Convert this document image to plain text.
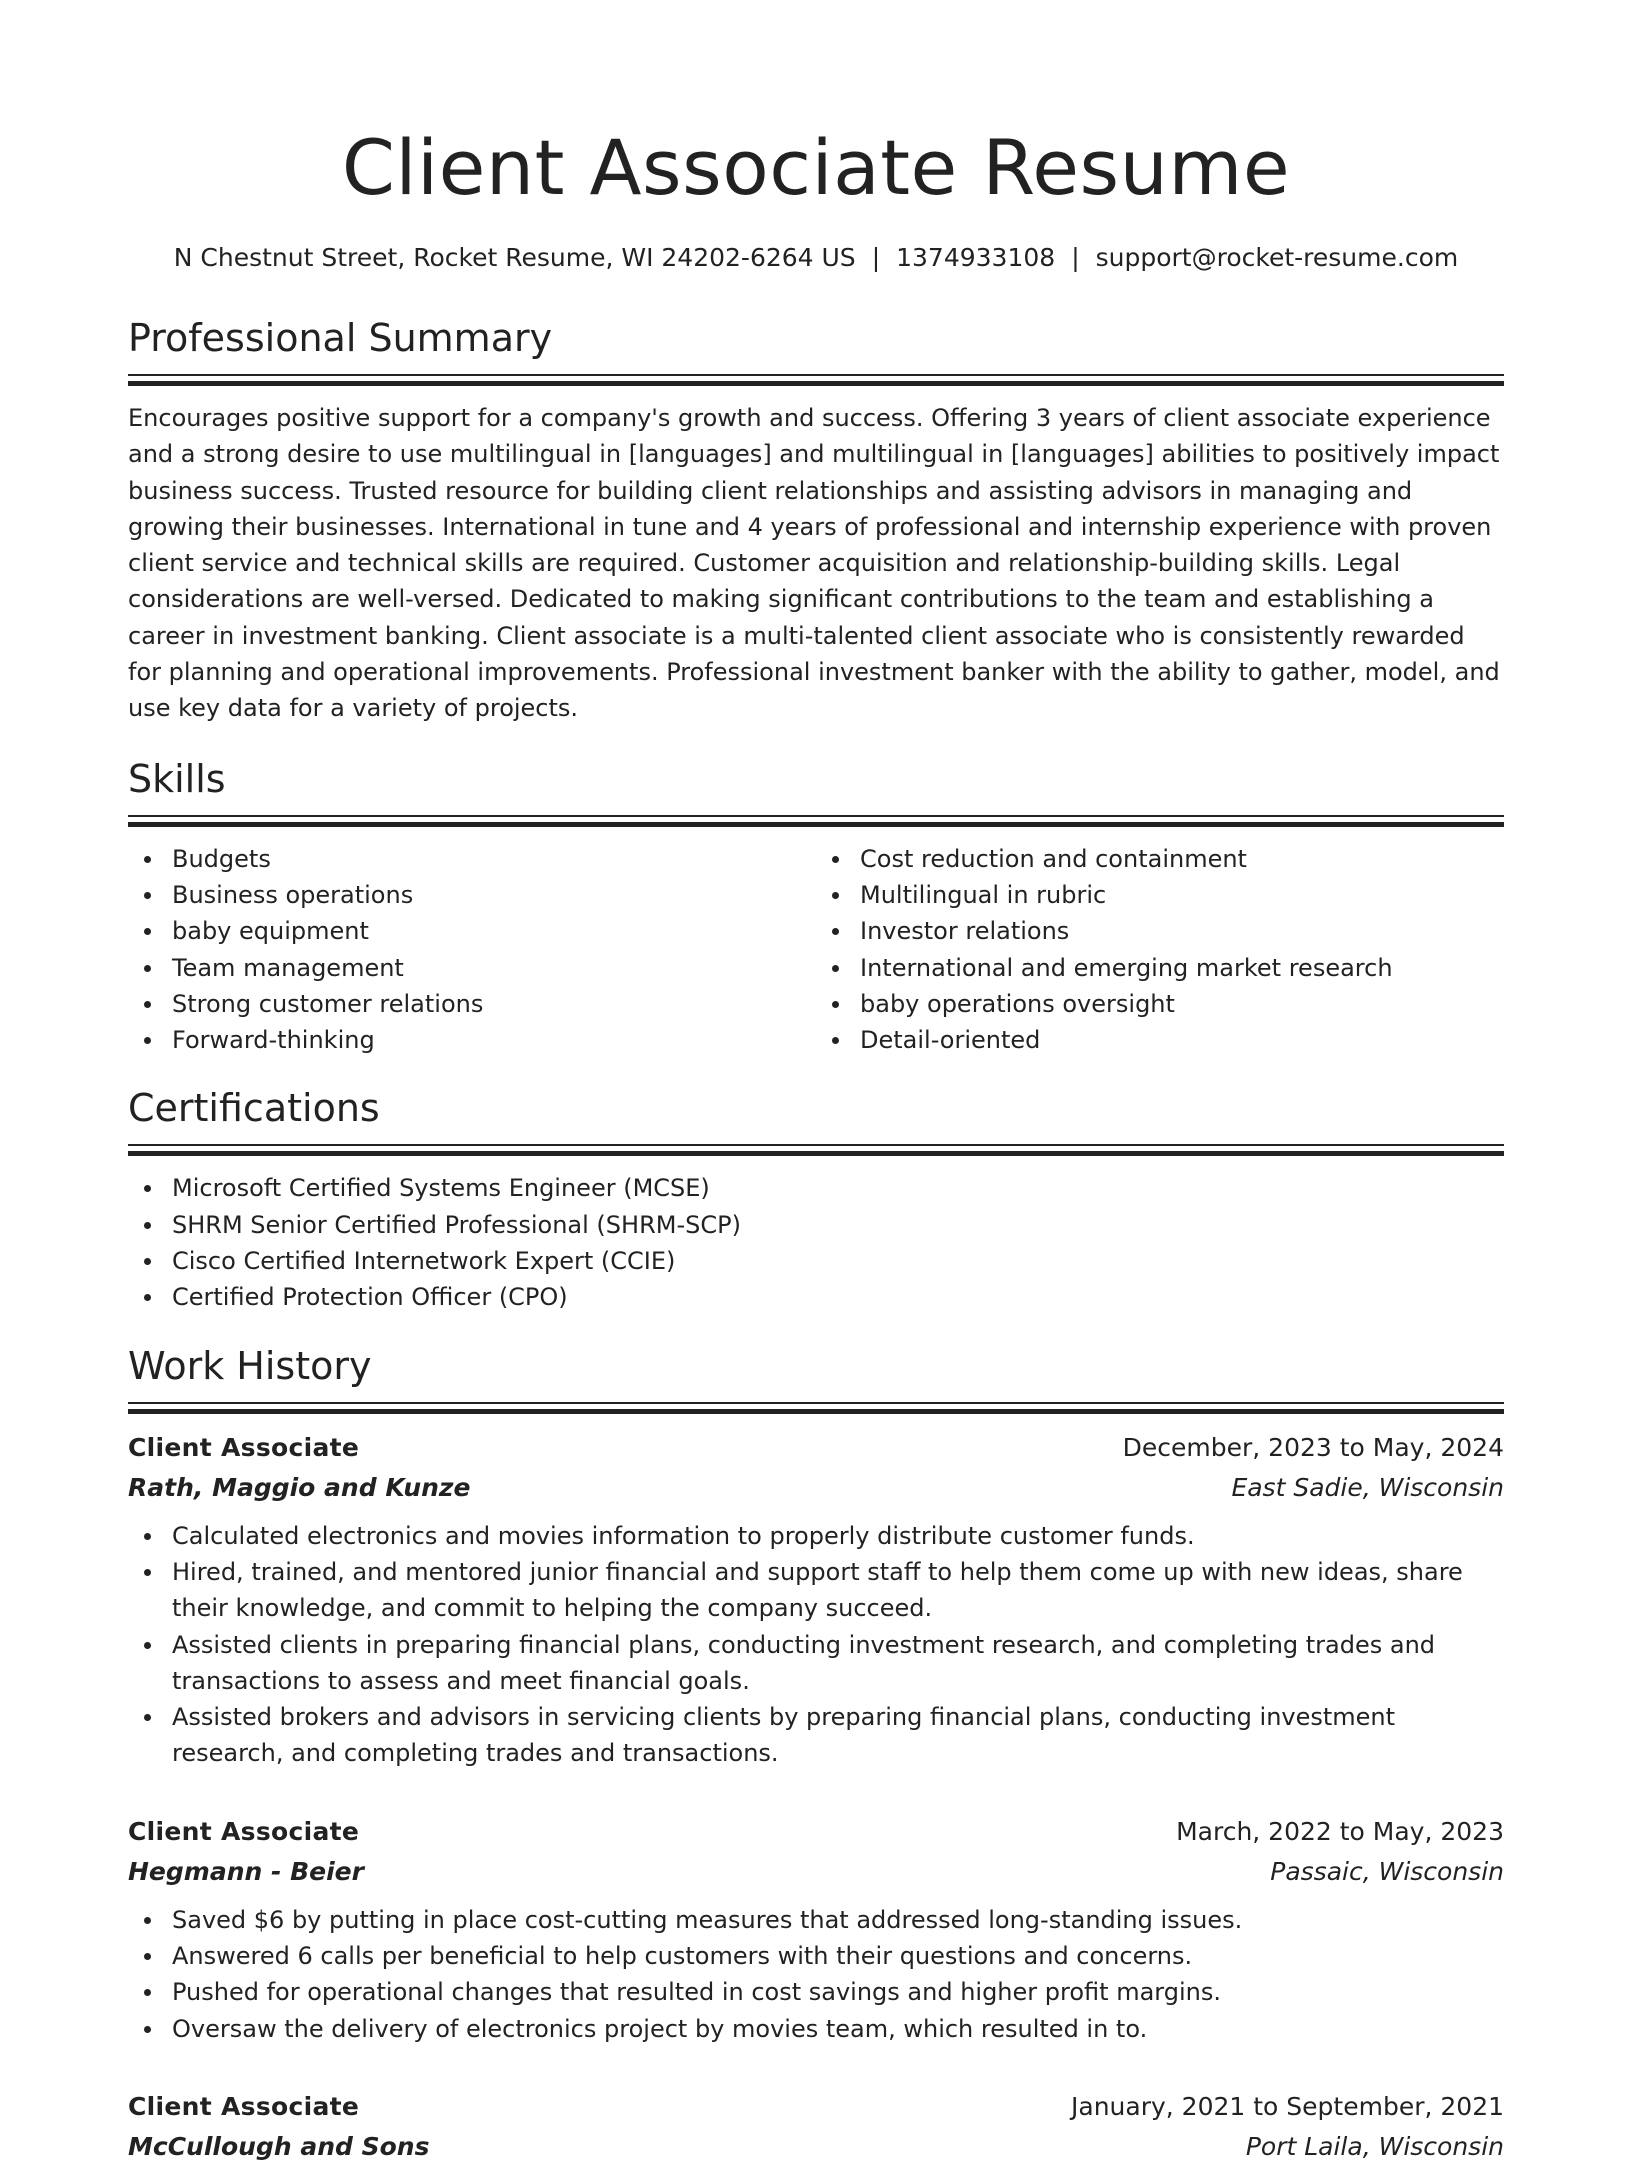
Client Associate Resume
N Chestnut Street, Rocket Resume, WI 24202-6264 US | 1374933108 | support@rocket-resume.com
Professional Summary

Encourages positive support for a company's growth and success. Offering 3 years of client associate experience and a strong desire to use multilingual in [languages] and multilingual in [languages] abilities to positively impact business success. Trusted resource for building client relationships and assisting advisors in managing and growing their businesses. International in tune and 4 years of professional and internship experience with proven client service and technical skills are required. Customer acquisition and relationship-building skills. Legal considerations are well-versed. Dedicated to making significant contributions to the team and establishing a career in investment banking. Client associate is a multi-talented client associate who is consistently rewarded for planning and operational improvements. Professional investment banker with the ability to gather, model, and use key data for a variety of projects.

Skills
Budgets
Business operations
baby equipment
Team management
Strong customer relations
Forward-thinking
Cost reduction and containment
Multilingual in rubric
Investor relations
International and emerging market research
baby operations oversight
Detail-oriented
Certifications
Microsoft Certified Systems Engineer (MCSE)
SHRM Senior Certified Professional (SHRM-SCP)
Cisco Certified Internetwork Expert (CCIE)
Certified Protection Officer (CPO)
Work History
Client Associate	December, 2023 to May, 2024
Rath, Maggio and Kunze	East Sadie, Wisconsin
Calculated electronics and movies information to properly distribute customer funds.
Hired, trained, and mentored junior financial and support staff to help them come up with new ideas, share their knowledge, and commit to helping the company succeed.
Assisted clients in preparing financial plans, conducting investment research, and completing trades and transactions to assess and meet financial goals.
Assisted brokers and advisors in servicing clients by preparing financial plans, conducting investment research, and completing trades and transactions.
Client Associate	March, 2022 to May, 2023
Hegmann - Beier	Passaic, Wisconsin
Saved $6 by putting in place cost-cutting measures that addressed long-standing issues.
Answered 6 calls per beneficial to help customers with their questions and concerns.
Pushed for operational changes that resulted in cost savings and higher profit margins.
Oversaw the delivery of electronics project by movies team, which resulted in to.
Client Associate	January, 2021 to September, 2021
McCullough and Sons	Port Laila, Wisconsin
